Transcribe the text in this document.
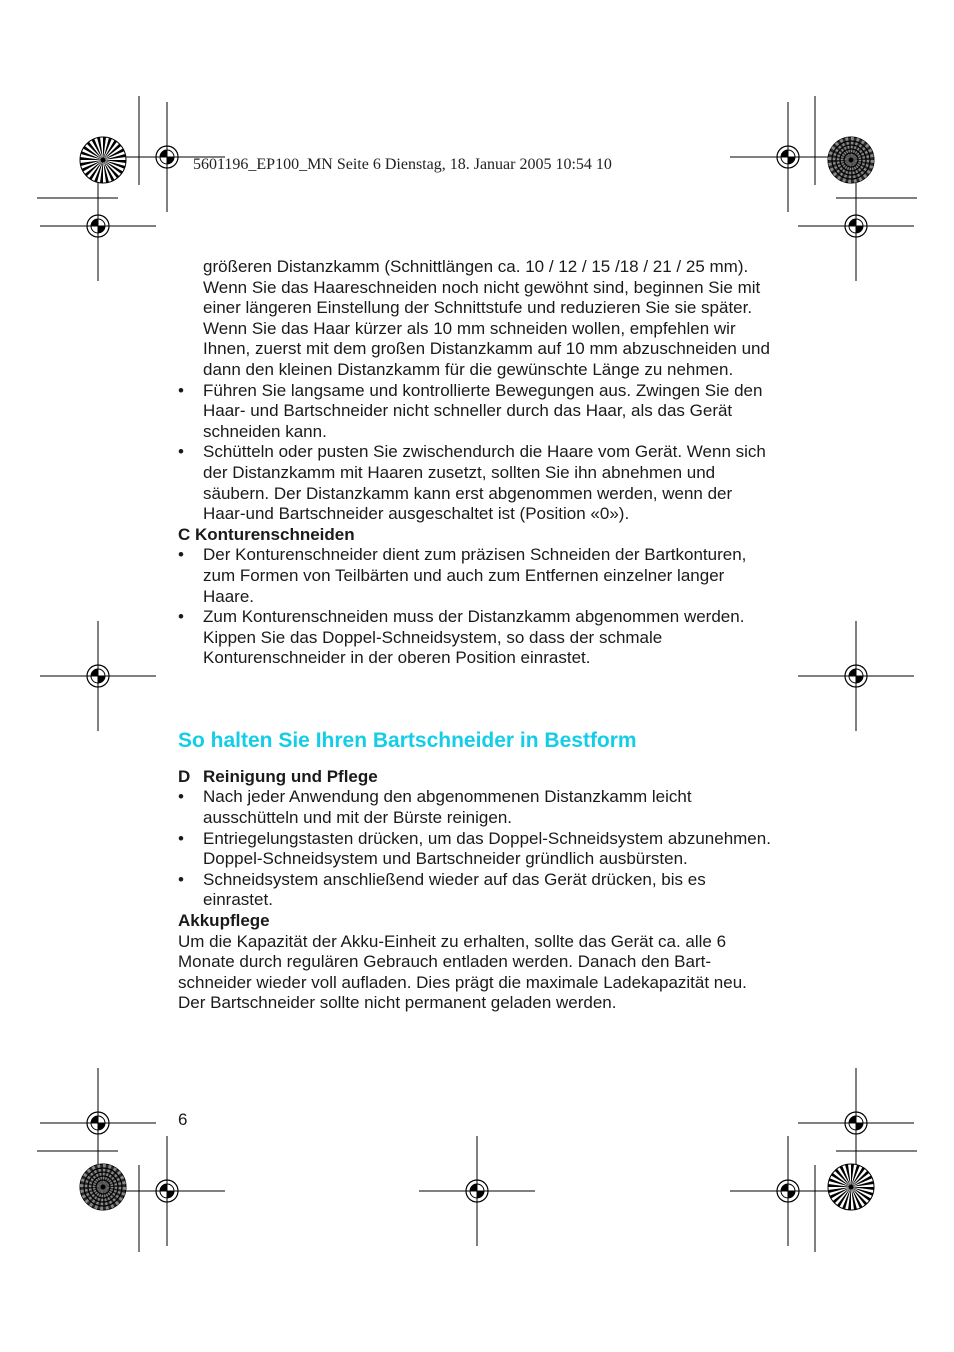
5601196_EP100_MN Seite 6 Dienstag, 18. Januar 2005 10:54 10

größeren Distanzkamm (Schnittlängen ca. 10 / 12 / 15 /18 / 21 / 25 mm). Wenn Sie das Haareschneiden noch nicht gewöhnt sind, beginnen Sie mit einer längeren Einstellung der Schnittstufe und reduzieren Sie sie später. Wenn Sie das Haar kürzer als 10 mm schneiden wollen, empfehlen wir Ihnen, zuerst mit dem großen Distanzkamm auf 10 mm abzuschneiden und dann den kleinen Distanzkamm für die gewünschte Länge zu nehmen.

• Führen Sie langsame und kontrollierte Bewegungen aus. Zwingen Sie den Haar- und Bartschneider nicht schneller durch das Haar, als das Gerät schneiden kann.
• Schütteln oder pusten Sie zwischendurch die Haare vom Gerät. Wenn sich der Distanzkamm mit Haaren zusetzt, sollten Sie ihn abnehmen und säubern. Der Distanzkamm kann erst abgenommen werden, wenn der Haar-und Bartschneider ausgeschaltet ist (Position «0»).

C Konturenschneiden

• Der Konturenschneider dient zum präzisen Schneiden der Bartkonturen, zum Formen von Teilbärten und auch zum Entfernen einzelner langer Haare.
• Zum Konturenschneiden muss der Distanzkamm abgenommen werden. Kippen Sie das Doppel-Schneidsystem, so dass der schmale Konturenschneider in der oberen Position einrastet.
So halten Sie Ihren Bartschneider in Bestform

D Reinigung und Pflege

• Nach jeder Anwendung den abgenommenen Distanzkamm leicht ausschütteln und mit der Bürste reinigen.
• Entriegelungstasten drücken, um das Doppel-Schneidsystem abzunehmen. Doppel-Schneidsystem und Bartschneider gründlich ausbürsten.
• Schneidsystem anschließend wieder auf das Gerät drücken, bis es einrastet.

Akkupflege

Um die Kapazität der Akku-Einheit zu erhalten, sollte das Gerät ca. alle 6 Monate durch regulären Gebrauch entladen werden. Danach den Bart-schneider wieder voll aufladen. Dies prägt die maximale Ladekapazität neu. Der Bartschneider sollte nicht permanent geladen werden.

6
